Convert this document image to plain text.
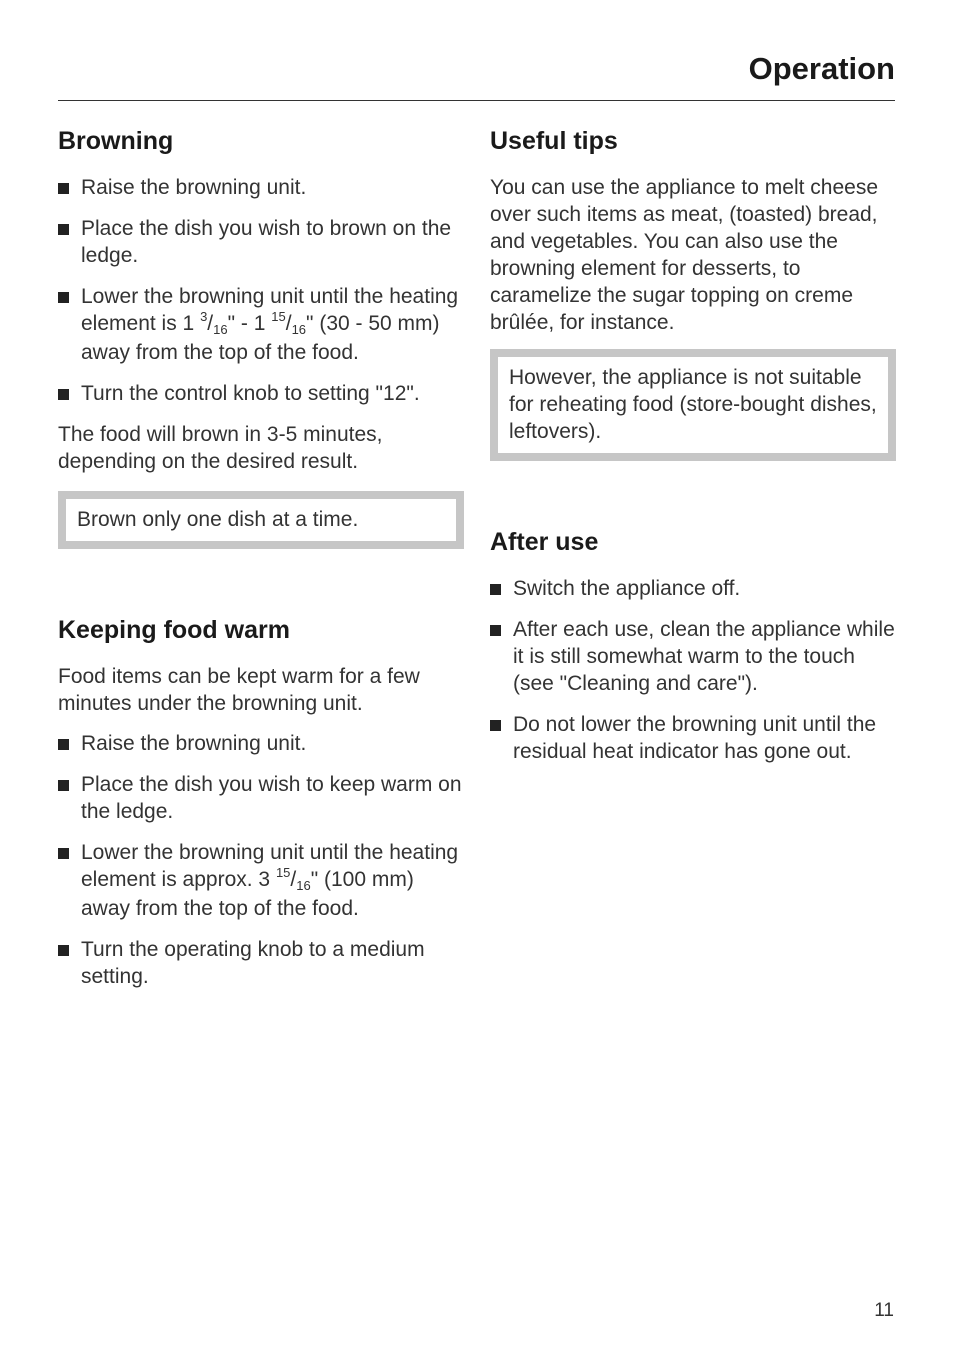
Operation
Browning
Raise the browning unit.
Place the dish you wish to brown on the ledge.
Lower the browning unit until the heating element is 1 $^3$/16" - 1 $^{15}$/16" (30 - 50 mm) away from the top of the food.
Turn the control knob to setting "12".

The food will brown in 3-5 minutes, depending on the desired result.

Brown only one dish at a time.
Keeping food warm

Food items can be kept warm for a few minutes under the browning unit.

Raise the browning unit.
Place the dish you wish to keep warm on the ledge.
Lower the browning unit until the heating element is approx. 3 $^{15}$/16" (100 mm) away from the top of the food.
Turn the operating knob to a medium setting.
Useful tips

You can use the appliance to melt cheese over such items as meat, (toasted) bread, and vegetables. You can also use the browning element for desserts, to caramelize the sugar topping on creme brûlée, for instance.

However, the appliance is not suitable for reheating food (store-bought dishes, leftovers).
After use
Switch the appliance off.
After each use, clean the appliance while it is still somewhat warm to the touch (see "Cleaning and care").
Do not lower the browning unit until the residual heat indicator has gone out.
11
